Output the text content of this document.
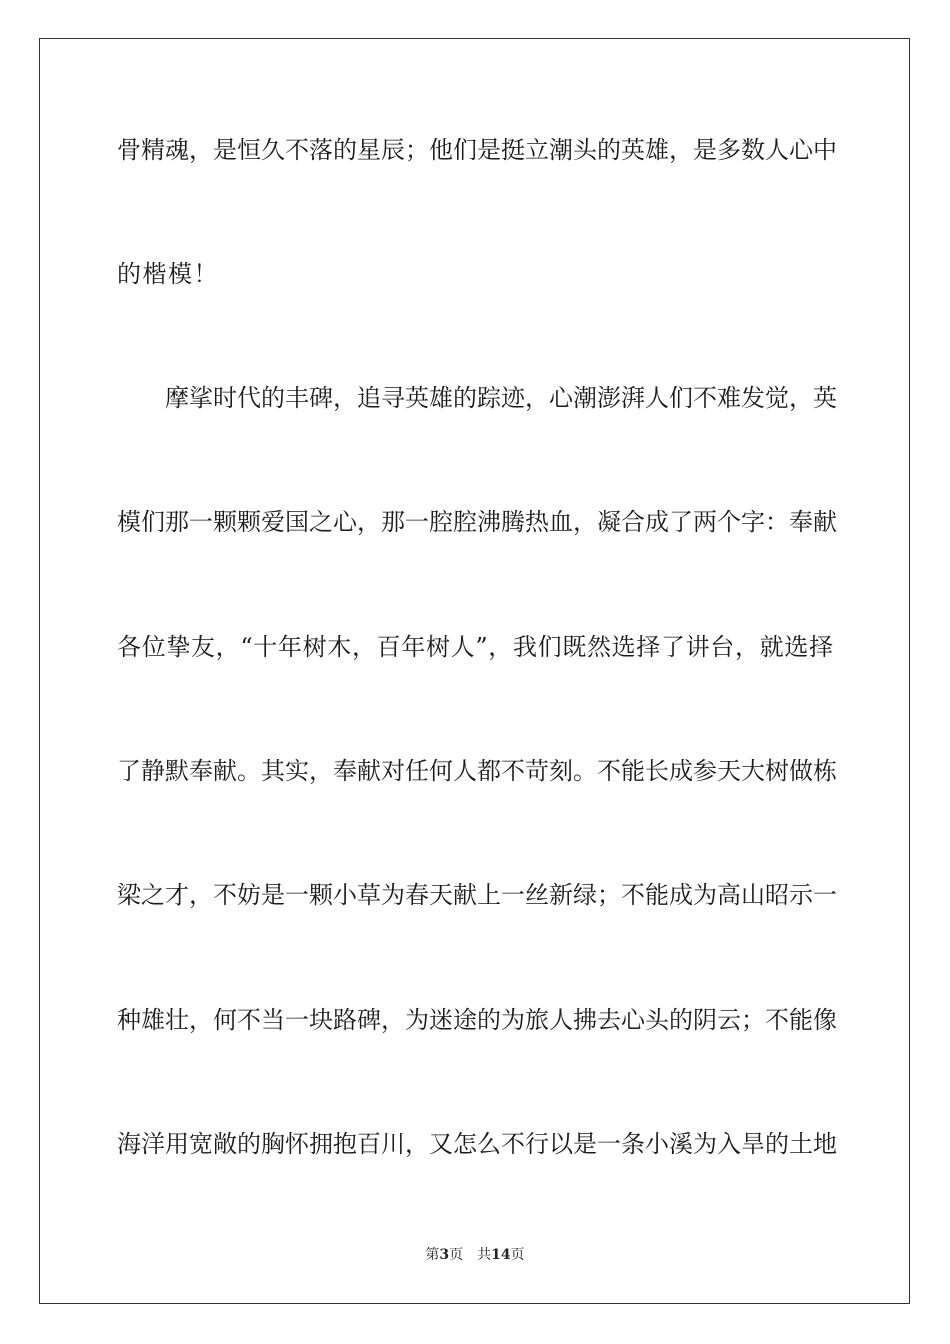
骨精魂，是恒久不落的星辰；他们是挺立潮头的英雄，是多数人心中
的楷模！
摩挲时代的丰碑，追寻英雄的踪迹，心潮澎湃人们不难发觉，英
模们那一颗颗爱国之心，那一腔腔沸腾热血，凝合成了两个字：奉献
各位挚友，“十年树木，百年树人”，我们既然选择了讲台，就选择
了静默奉献。其实，奉献对任何人都不苛刻。不能长成参天大树做栋
梁之才，不妨是一颗小草为春天献上一丝新绿；不能成为高山昭示一
种雄壮，何不当一块路碑，为迷途的为旅人拂去心头的阴云；不能像
海洋用宽敞的胸怀拥抱百川，又怎么不行以是一条小溪为入旱的土地
第3页 共14页
